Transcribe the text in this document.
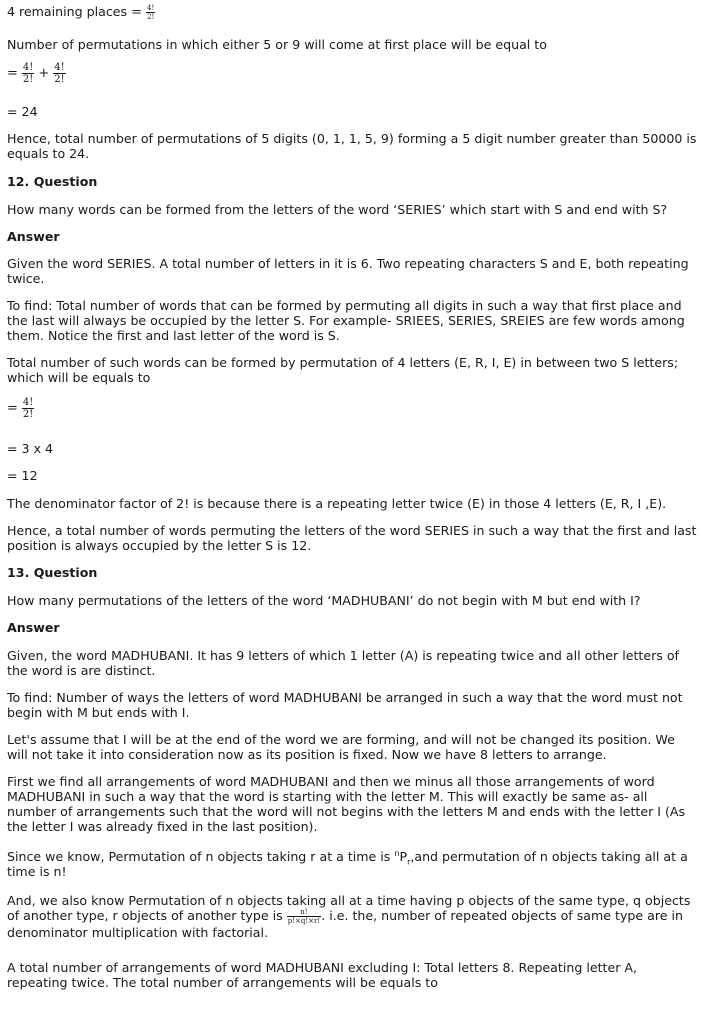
4 remaining places = $\frac{4!}{2!}$
Number of permutations in which either 5 or 9 will come at first place will be equal to
= $\frac{4!}{2!} + \frac{4!}{2!}$
= 24
Hence, total number of permutations of 5 digits (0, 1, 1, 5, 9) forming a 5 digit number greater than 50000 is equals to 24.
12. Question
How many words can be formed from the letters of the word ‘SERIES’ which start with S and end with S?
Answer
Given the word SERIES. A total number of letters in it is 6. Two repeating characters S and E, both repeating twice.
To find: Total number of words that can be formed by permuting all digits in such a way that first place and the last will always be occupied by the letter S. For example- SRIEES, SERIES, SREIES are few words among them. Notice the first and last letter of the word is S.
Total number of such words can be formed by permutation of 4 letters (E, R, I, E) in between two S letters; which will be equals to
= $\frac{4!}{2!}$
= 3 x 4
= 12
The denominator factor of 2! is because there is a repeating letter twice (E) in those 4 letters (E, R, I ,E).
Hence, a total number of words permuting the letters of the word SERIES in such a way that the first and last position is always occupied by the letter S is 12.
13. Question
How many permutations of the letters of the word ‘MADHUBANI’ do not begin with M but end with I?
Answer
Given, the word MADHUBANI. It has 9 letters of which 1 letter (A) is repeating twice and all other letters of the word is are distinct.
To find: Number of ways the letters of word MADHUBANI be arranged in such a way that the word must not begin with M but ends with I.
Let's assume that I will be at the end of the word we are forming, and will not be changed its position. We will not take it into consideration now as its position is fixed. Now we have 8 letters to arrange.
First we find all arrangements of word MADHUBANI and then we minus all those arrangements of word MADHUBANI in such a way that the word is starting with the letter M. This will exactly be same as- all number of arrangements such that the word will not begins with the letters M and ends with the letter I (As the letter I was already fixed in the last position).
Since we know, Permutation of n objects taking r at a time is $^nP_r,and$ permutation of n objects taking all at a time is n!
And, we also know Permutation of n objects taking all at a time having p objects of the same type, q objects of another type, r objects of another type is $\frac{n!}{p!\times q!\times r!}$ . i.e. the, number of repeated objects of same type are in denominator multiplication with factorial.
A total number of arrangements of word MADHUBANI excluding I: Total letters 8. Repeating letter A, repeating twice. The total number of arrangements will be equals to
